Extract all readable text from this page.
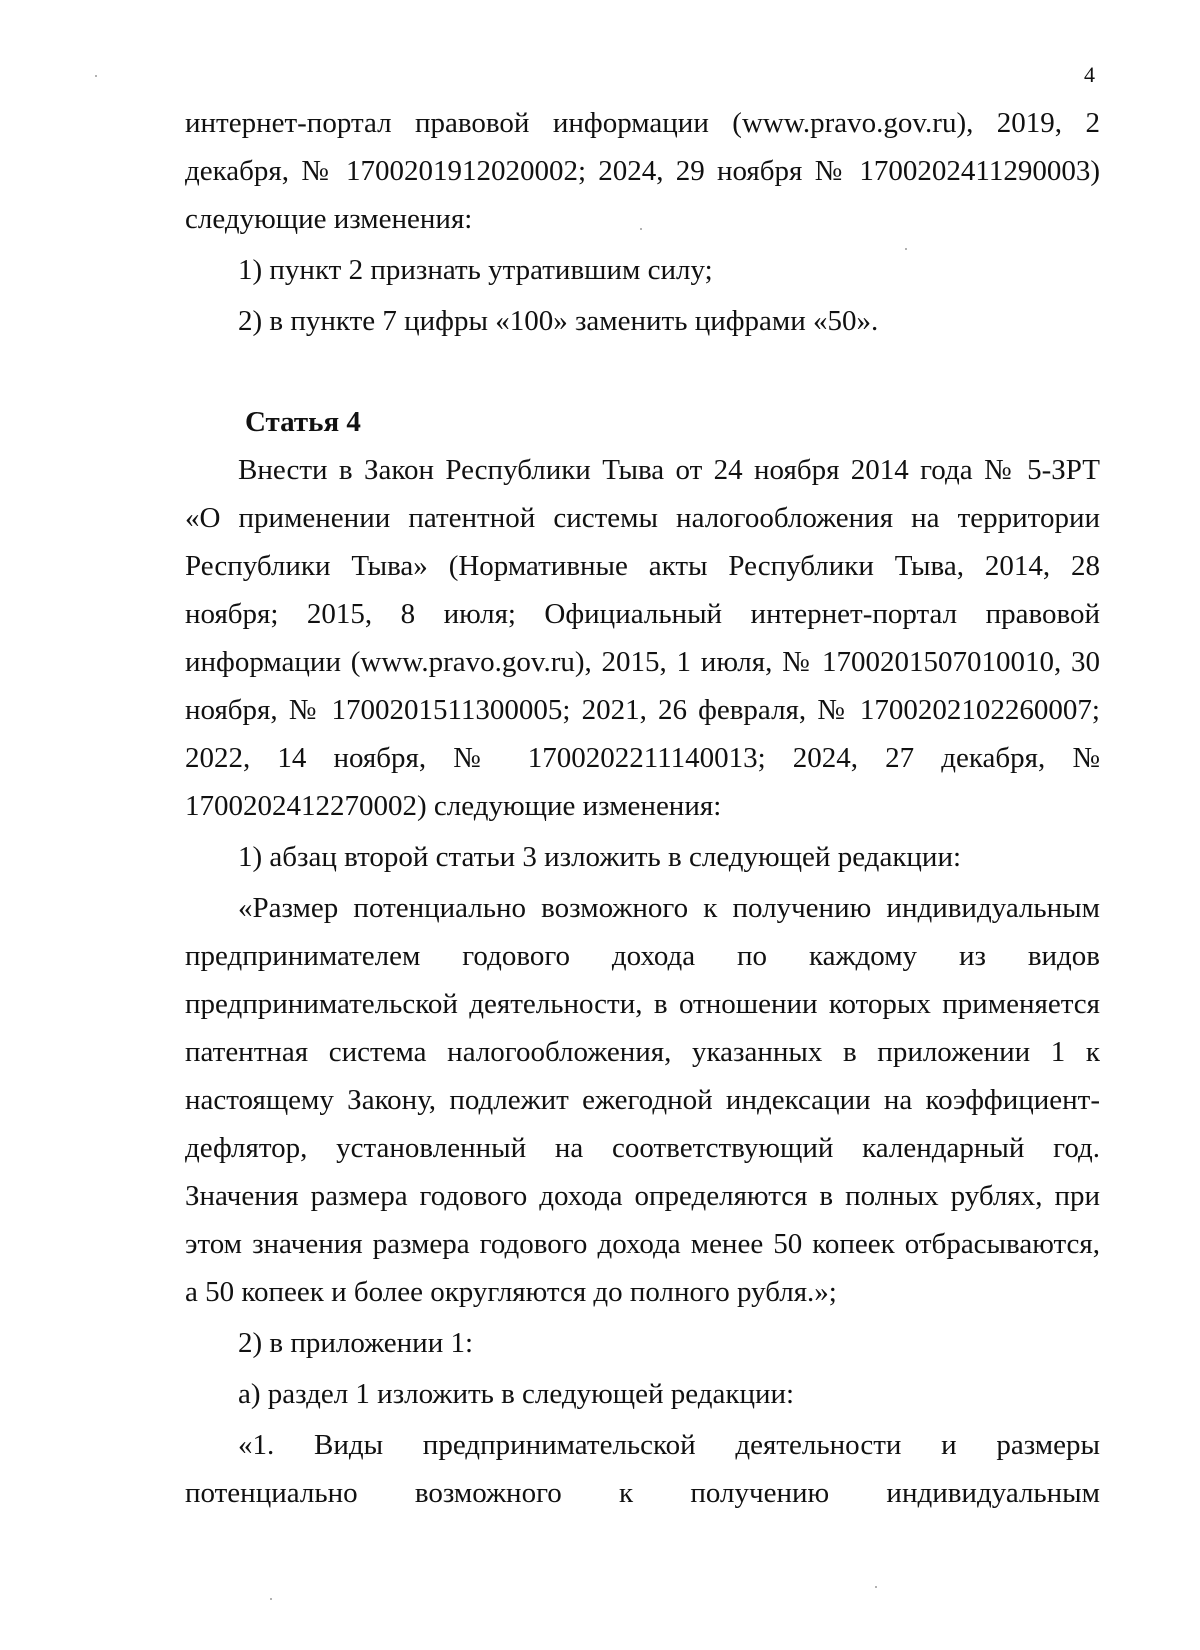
4
интернет-портал правовой информации (www.pravo.gov.ru), 2019, 2
декабря, № 1700201912020002; 2024, 29 ноября № 1700202411290003)
следующие изменения:
1) пункт 2 признать утратившим силу;
2) в пункте 7 цифры «100» заменить цифрами «50».
Статья 4
Внести в Закон Республики Тыва от 24 ноября 2014 года № 5-ЗРТ
«О применении патентной системы налогообложения на территории
Республики Тыва» (Нормативные акты Республики Тыва, 2014, 28
ноября; 2015, 8 июля; Официальный интернет-портал правовой
информации (www.pravo.gov.ru), 2015, 1 июля, № 1700201507010010, 30
ноября, № 1700201511300005; 2021, 26 февраля, № 1700202102260007;
2022, 14 ноября, № 1700202211140013; 2024, 27 декабря, №
1700202412270002) следующие изменения:
1) абзац второй статьи 3 изложить в следующей редакции:
«Размер потенциально возможного к получению индивидуальным
предпринимателем годового дохода по каждому из видов
предпринимательской деятельности, в отношении которых применяется
патентная система налогообложения, указанных в приложении 1 к
настоящему Закону, подлежит ежегодной индексации на коэффициент-
дефлятор, установленный на соответствующий календарный год.
Значения размера годового дохода определяются в полных рублях, при
этом значения размера годового дохода менее 50 копеек отбрасываются,
а 50 копеек и более округляются до полного рубля.»;
2) в приложении 1:
а) раздел 1 изложить в следующей редакции:
«1. Виды предпринимательской деятельности и размеры
потенциально возможного к получению индивидуальным
